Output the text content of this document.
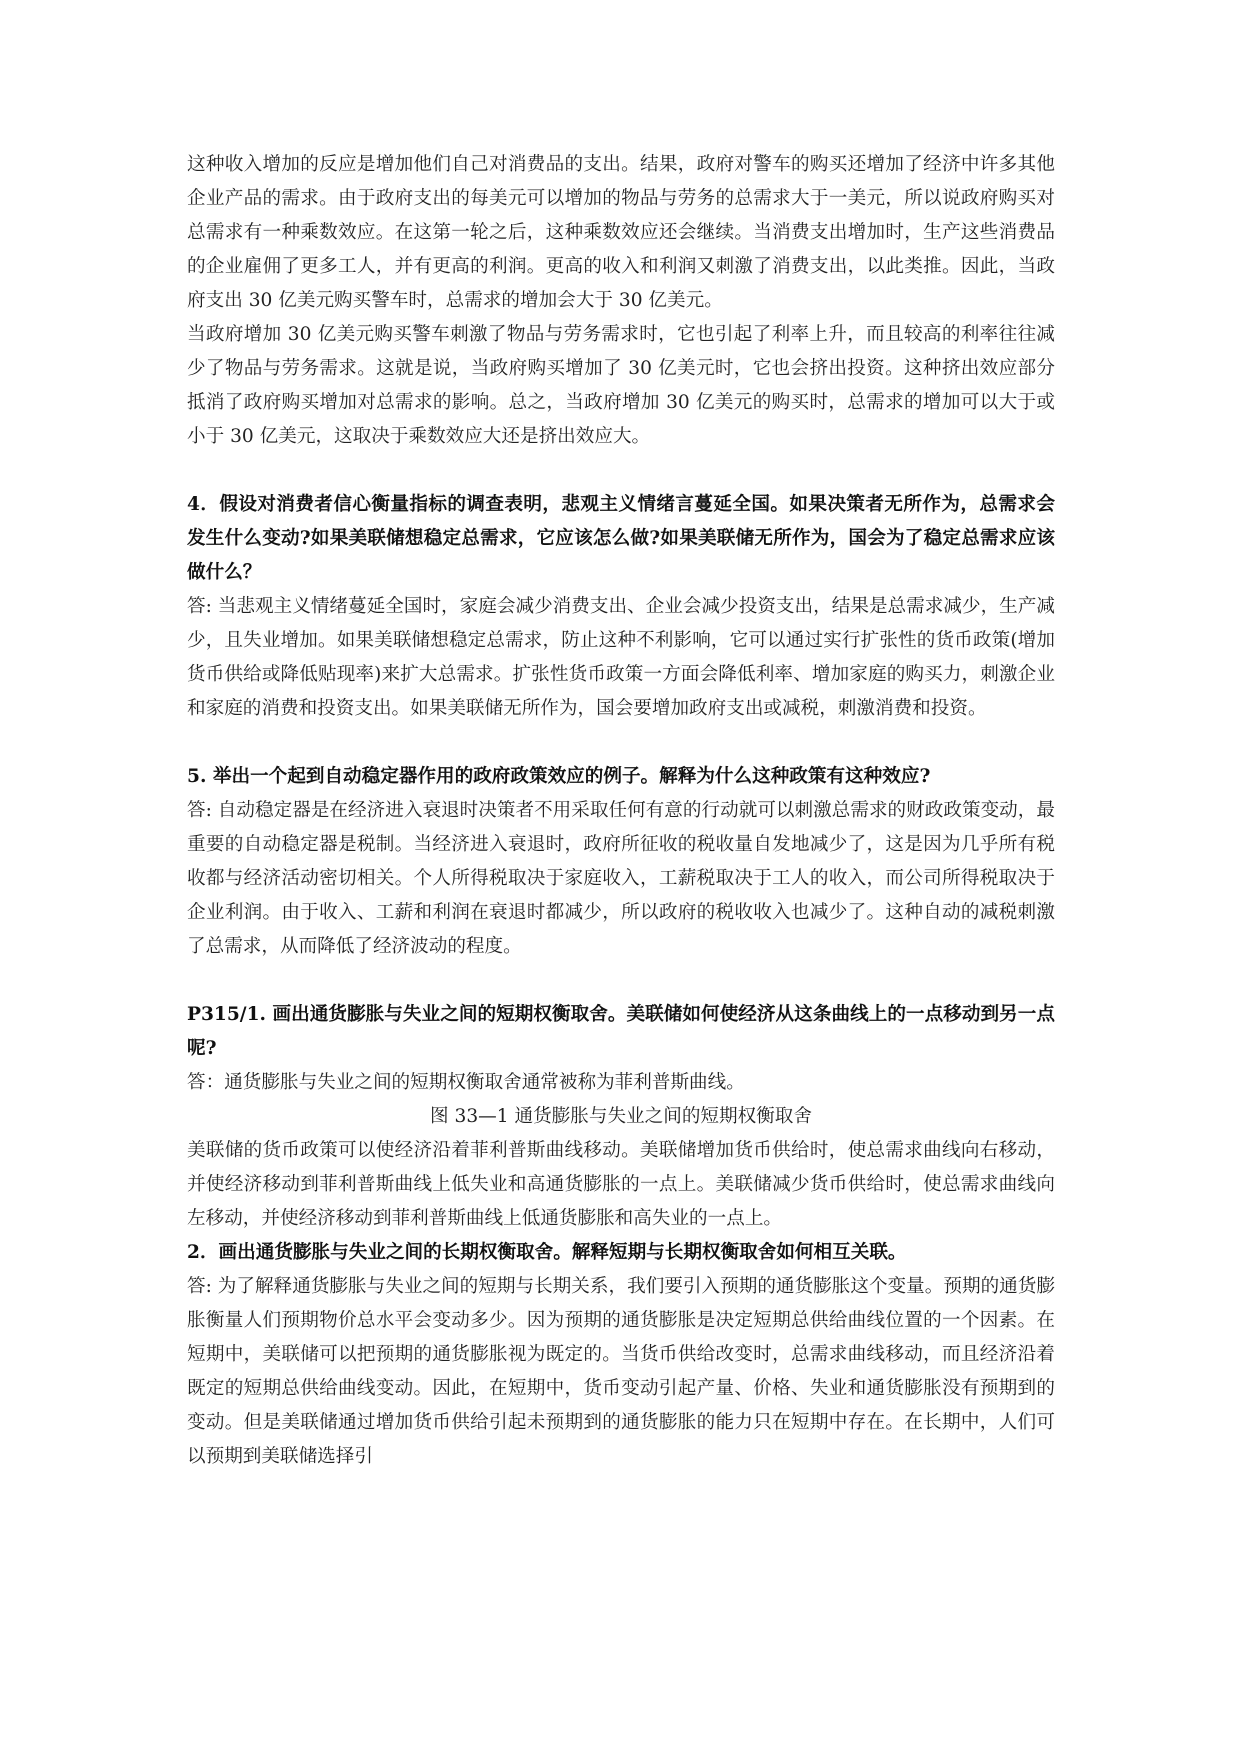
这种收入增加的反应是增加他们自己对消费品的支出。结果，政府对警车的购买还增加了经济中许多其他企业产品的需求。由于政府支出的每美元可以增加的物品与劳务的总需求大于一美元，所以说政府购买对总需求有一种乘数效应。在这第一轮之后，这种乘数效应还会继续。当消费支出增加时，生产这些消费品的企业雇佣了更多工人，并有更高的利润。更高的收入和利润又刺激了消费支出，以此类推。因此，当政府支出 30 亿美元购买警车时，总需求的增加会大于 30 亿美元。

当政府增加 30 亿美元购买警车刺激了物品与劳务需求时，它也引起了利率上升，而且较高的利率往往减少了物品与劳务需求。这就是说，当政府购买增加了 30 亿美元时，它也会挤出投资。这种挤出效应部分抵消了政府购买增加对总需求的影响。总之，当政府增加 30 亿美元的购买时，总需求的增加可以大于或小于 30 亿美元，这取决于乘数效应大还是挤出效应大。

4．假设对消费者信心衡量指标的调查表明，悲观主义情绪言蔓延全国。如果决策者无所作为，总需求会发生什么变动?如果美联储想稳定总需求，它应该怎么做?如果美联储无所作为，国会为了稳定总需求应该做什么？

答: 当悲观主义情绪蔓延全国时，家庭会减少消费支出、企业会减少投资支出，结果是总需求减少，生产减少，且失业增加。如果美联储想稳定总需求，防止这种不利影响，它可以通过实行扩张性的货币政策(增加货币供给或降低贴现率)来扩大总需求。扩张性货币政策一方面会降低利率、增加家庭的购买力，刺激企业和家庭的消费和投资支出。如果美联储无所作为，国会要增加政府支出或减税，刺激消费和投资。

5. 举出一个起到自动稳定器作用的政府政策效应的例子。解释为什么这种政策有这种效应?

答: 自动稳定器是在经济进入衰退时决策者不用采取任何有意的行动就可以刺激总需求的财政政策变动，最重要的自动稳定器是税制。当经济进入衰退时，政府所征收的税收量自发地减少了，这是因为几乎所有税收都与经济活动密切相关。个人所得税取决于家庭收入，工薪税取决于工人的收入，而公司所得税取决于企业利润。由于收入、工薪和利润在衰退时都减少，所以政府的税收收入也减少了。这种自动的减税刺激了总需求，从而降低了经济波动的程度。

P315/1. 画出通货膨胀与失业之间的短期权衡取舍。美联储如何使经济从这条曲线上的一点移动到另一点呢?

答：通货膨胀与失业之间的短期权衡取舍通常被称为菲利普斯曲线。

图 33—1 通货膨胀与失业之间的短期权衡取舍

美联储的货币政策可以使经济沿着菲利普斯曲线移动。美联储增加货币供给时，使总需求曲线向右移动，并使经济移动到菲利普斯曲线上低失业和高通货膨胀的一点上。美联储减少货币供给时，使总需求曲线向左移动，并使经济移动到菲利普斯曲线上低通货膨胀和高失业的一点上。

2．画出通货膨胀与失业之间的长期权衡取舍。解释短期与长期权衡取舍如何相互关联。

答: 为了解释通货膨胀与失业之间的短期与长期关系，我们要引入预期的通货膨胀这个变量。预期的通货膨胀衡量人们预期物价总水平会变动多少。因为预期的通货膨胀是决定短期总供给曲线位置的一个因素。在短期中，美联储可以把预期的通货膨胀视为既定的。当货币供给改变时，总需求曲线移动，而且经济沿着既定的短期总供给曲线变动。因此，在短期中，货币变动引起产量、价格、失业和通货膨胀没有预期到的变动。但是美联储通过增加货币供给引起未预期到的通货膨胀的能力只在短期中存在。在长期中，人们可以预期到美联储选择引
